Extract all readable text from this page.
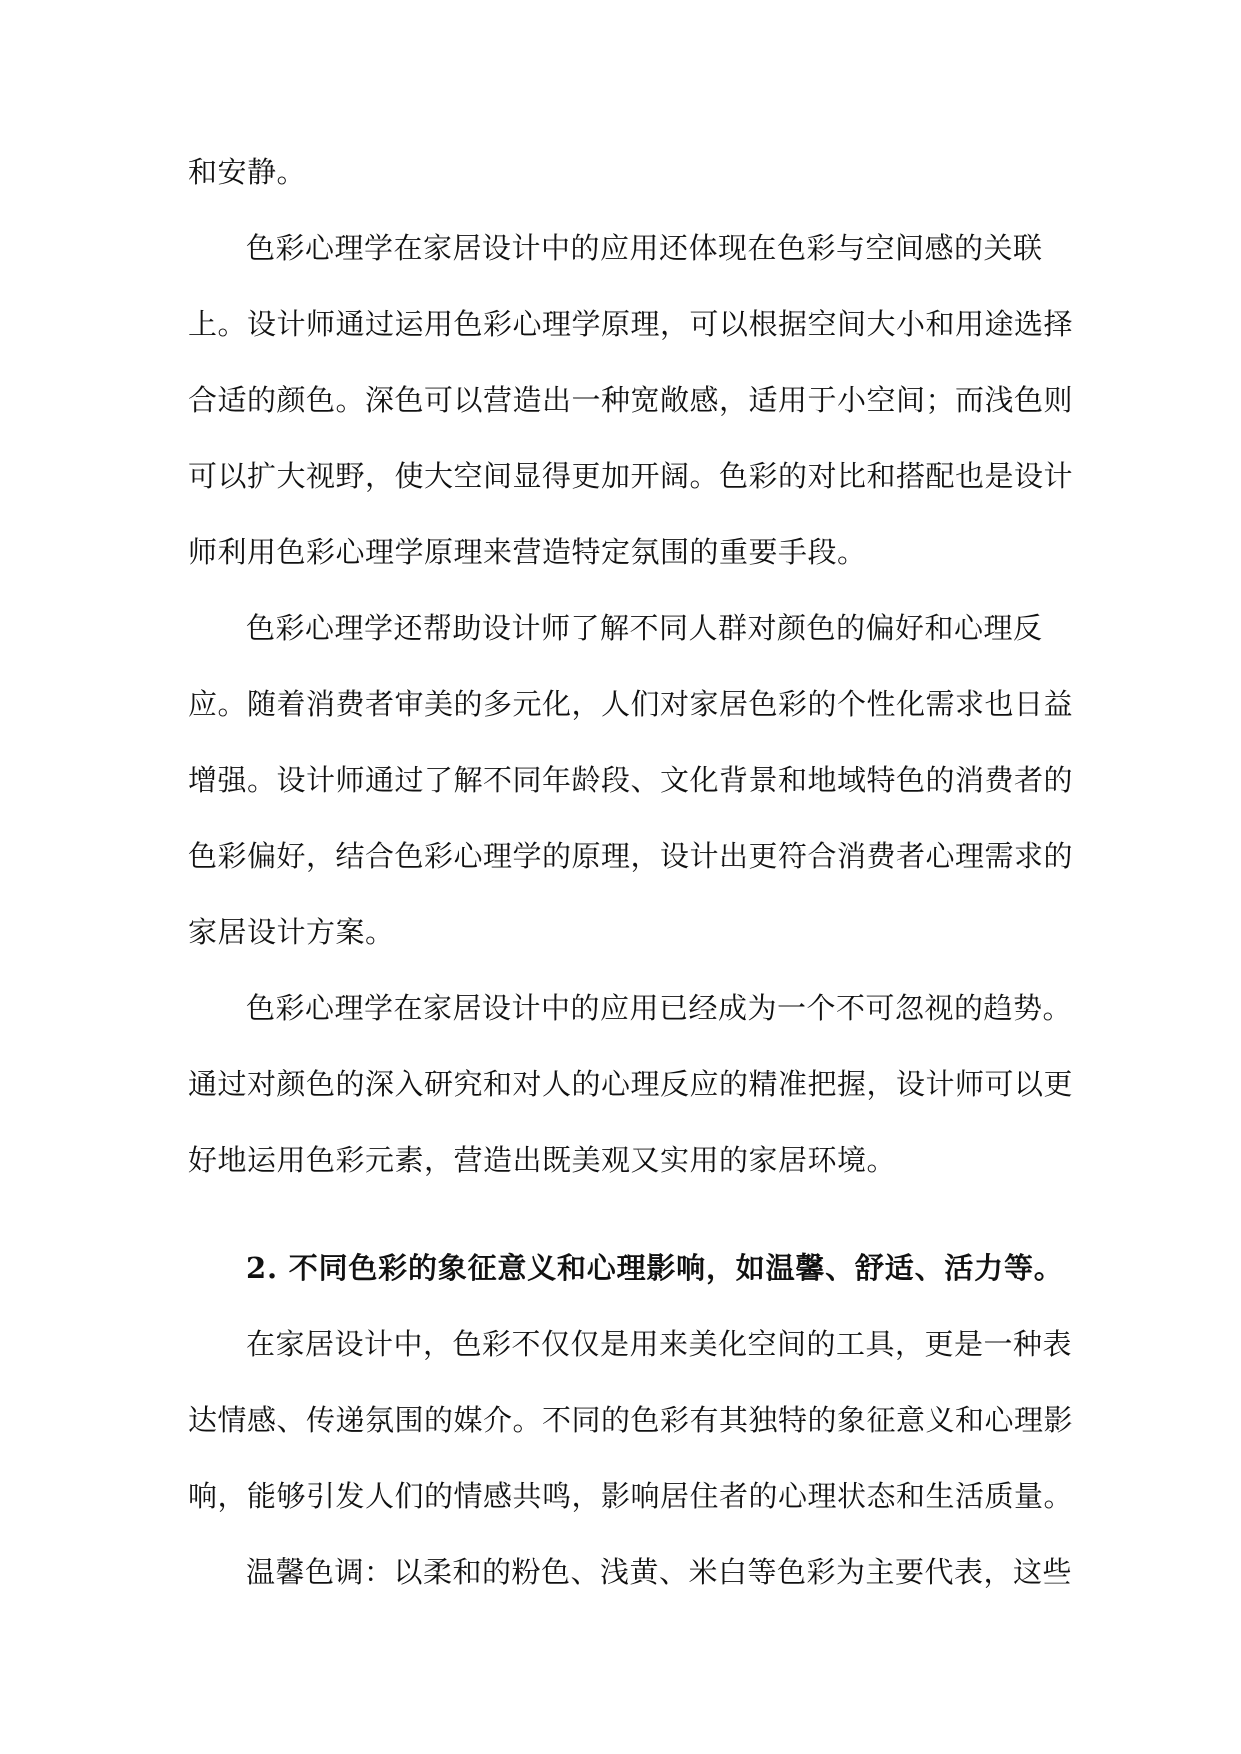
和安静。
色彩心理学在家居设计中的应用还体现在色彩与空间感的关联
上。设计师通过运用色彩心理学原理，可以根据空间大小和用途选择
合适的颜色。深色可以营造出一种宽敞感，适用于小空间；而浅色则
可以扩大视野，使大空间显得更加开阔。色彩的对比和搭配也是设计
师利用色彩心理学原理来营造特定氛围的重要手段。
色彩心理学还帮助设计师了解不同人群对颜色的偏好和心理反
应。随着消费者审美的多元化，人们对家居色彩的个性化需求也日益
增强。设计师通过了解不同年龄段、文化背景和地域特色的消费者的
色彩偏好，结合色彩心理学的原理，设计出更符合消费者心理需求的
家居设计方案。
色彩心理学在家居设计中的应用已经成为一个不可忽视的趋势。
通过对颜色的深入研究和对人的心理反应的精准把握，设计师可以更
好地运用色彩元素，营造出既美观又实用的家居环境。
2. 不同色彩的象征意义和心理影响，如温馨、舒适、活力等。
在家居设计中，色彩不仅仅是用来美化空间的工具，更是一种表
达情感、传递氛围的媒介。不同的色彩有其独特的象征意义和心理影
响，能够引发人们的情感共鸣，影响居住者的心理状态和生活质量。
温馨色调：以柔和的粉色、浅黄、米白等色彩为主要代表，这些
